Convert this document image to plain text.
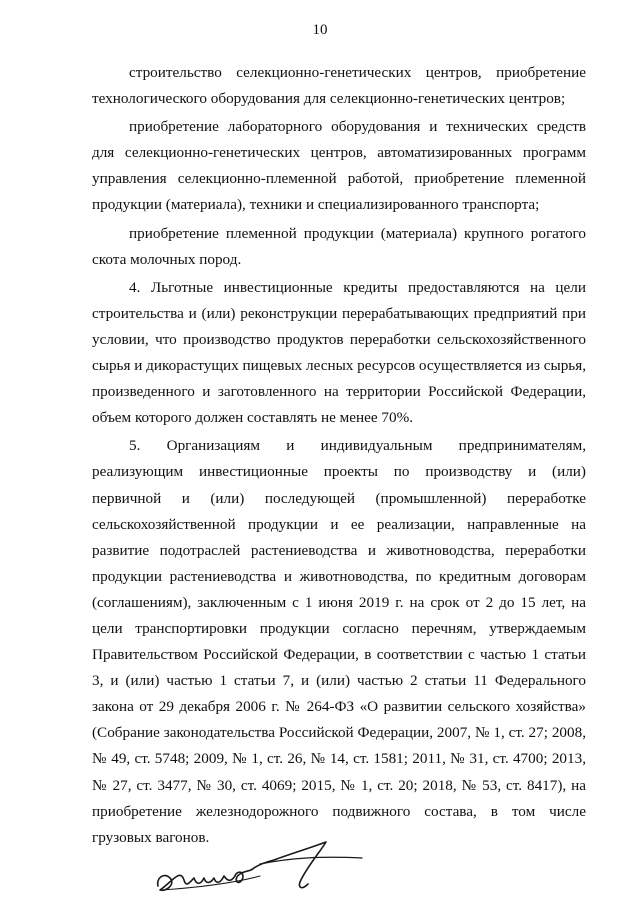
10

строительство селекционно-генетических центров, приобретение технологического оборудования для селекционно-генетических центров;

приобретение лабораторного оборудования и технических средств для селекционно-генетических центров, автоматизированных программ управления селекционно-племенной работой, приобретение племенной продукции (материала), техники и специализированного транспорта;

приобретение племенной продукции (материала) крупного рогатого скота молочных пород.

4. Льготные инвестиционные кредиты предоставляются на цели строительства и (или) реконструкции перерабатывающих предприятий при условии, что производство продуктов переработки сельскохозяйственного сырья и дикорастущих пищевых лесных ресурсов осуществляется из сырья, произведенного и заготовленного на территории Российской Федерации, объем которого должен составлять не менее 70%.

5. Организациям и индивидуальным предпринимателям, реализующим инвестиционные проекты по производству и (или) первичной и (или) последующей (промышленной) переработке сельскохозяйственной продукции и ее реализации, направленные на развитие подотраслей растениеводства и животноводства, переработки продукции растениеводства и животноводства, по кредитным договорам (соглашениям), заключенным с 1 июня 2019 г. на срок от 2 до 15 лет, на цели транспортировки продукции согласно перечням, утверждаемым Правительством Российской Федерации, в соответствии с частью 1 статьи 3, и (или) частью 1 статьи 7, и (или) частью 2 статьи 11 Федерального закона от 29 декабря 2006 г. № 264-ФЗ «О развитии сельского хозяйства» (Собрание законодательства Российской Федерации, 2007, № 1, ст. 27; 2008, № 49, ст. 5748; 2009, № 1, ст. 26, № 14, ст. 1581; 2011, № 31, ст. 4700; 2013, № 27, ст. 3477, № 30, ст. 4069; 2015, № 1, ст. 20; 2018, № 53, ст. 8417), на приобретение железнодорожного подвижного состава, в том числе грузовых вагонов.
